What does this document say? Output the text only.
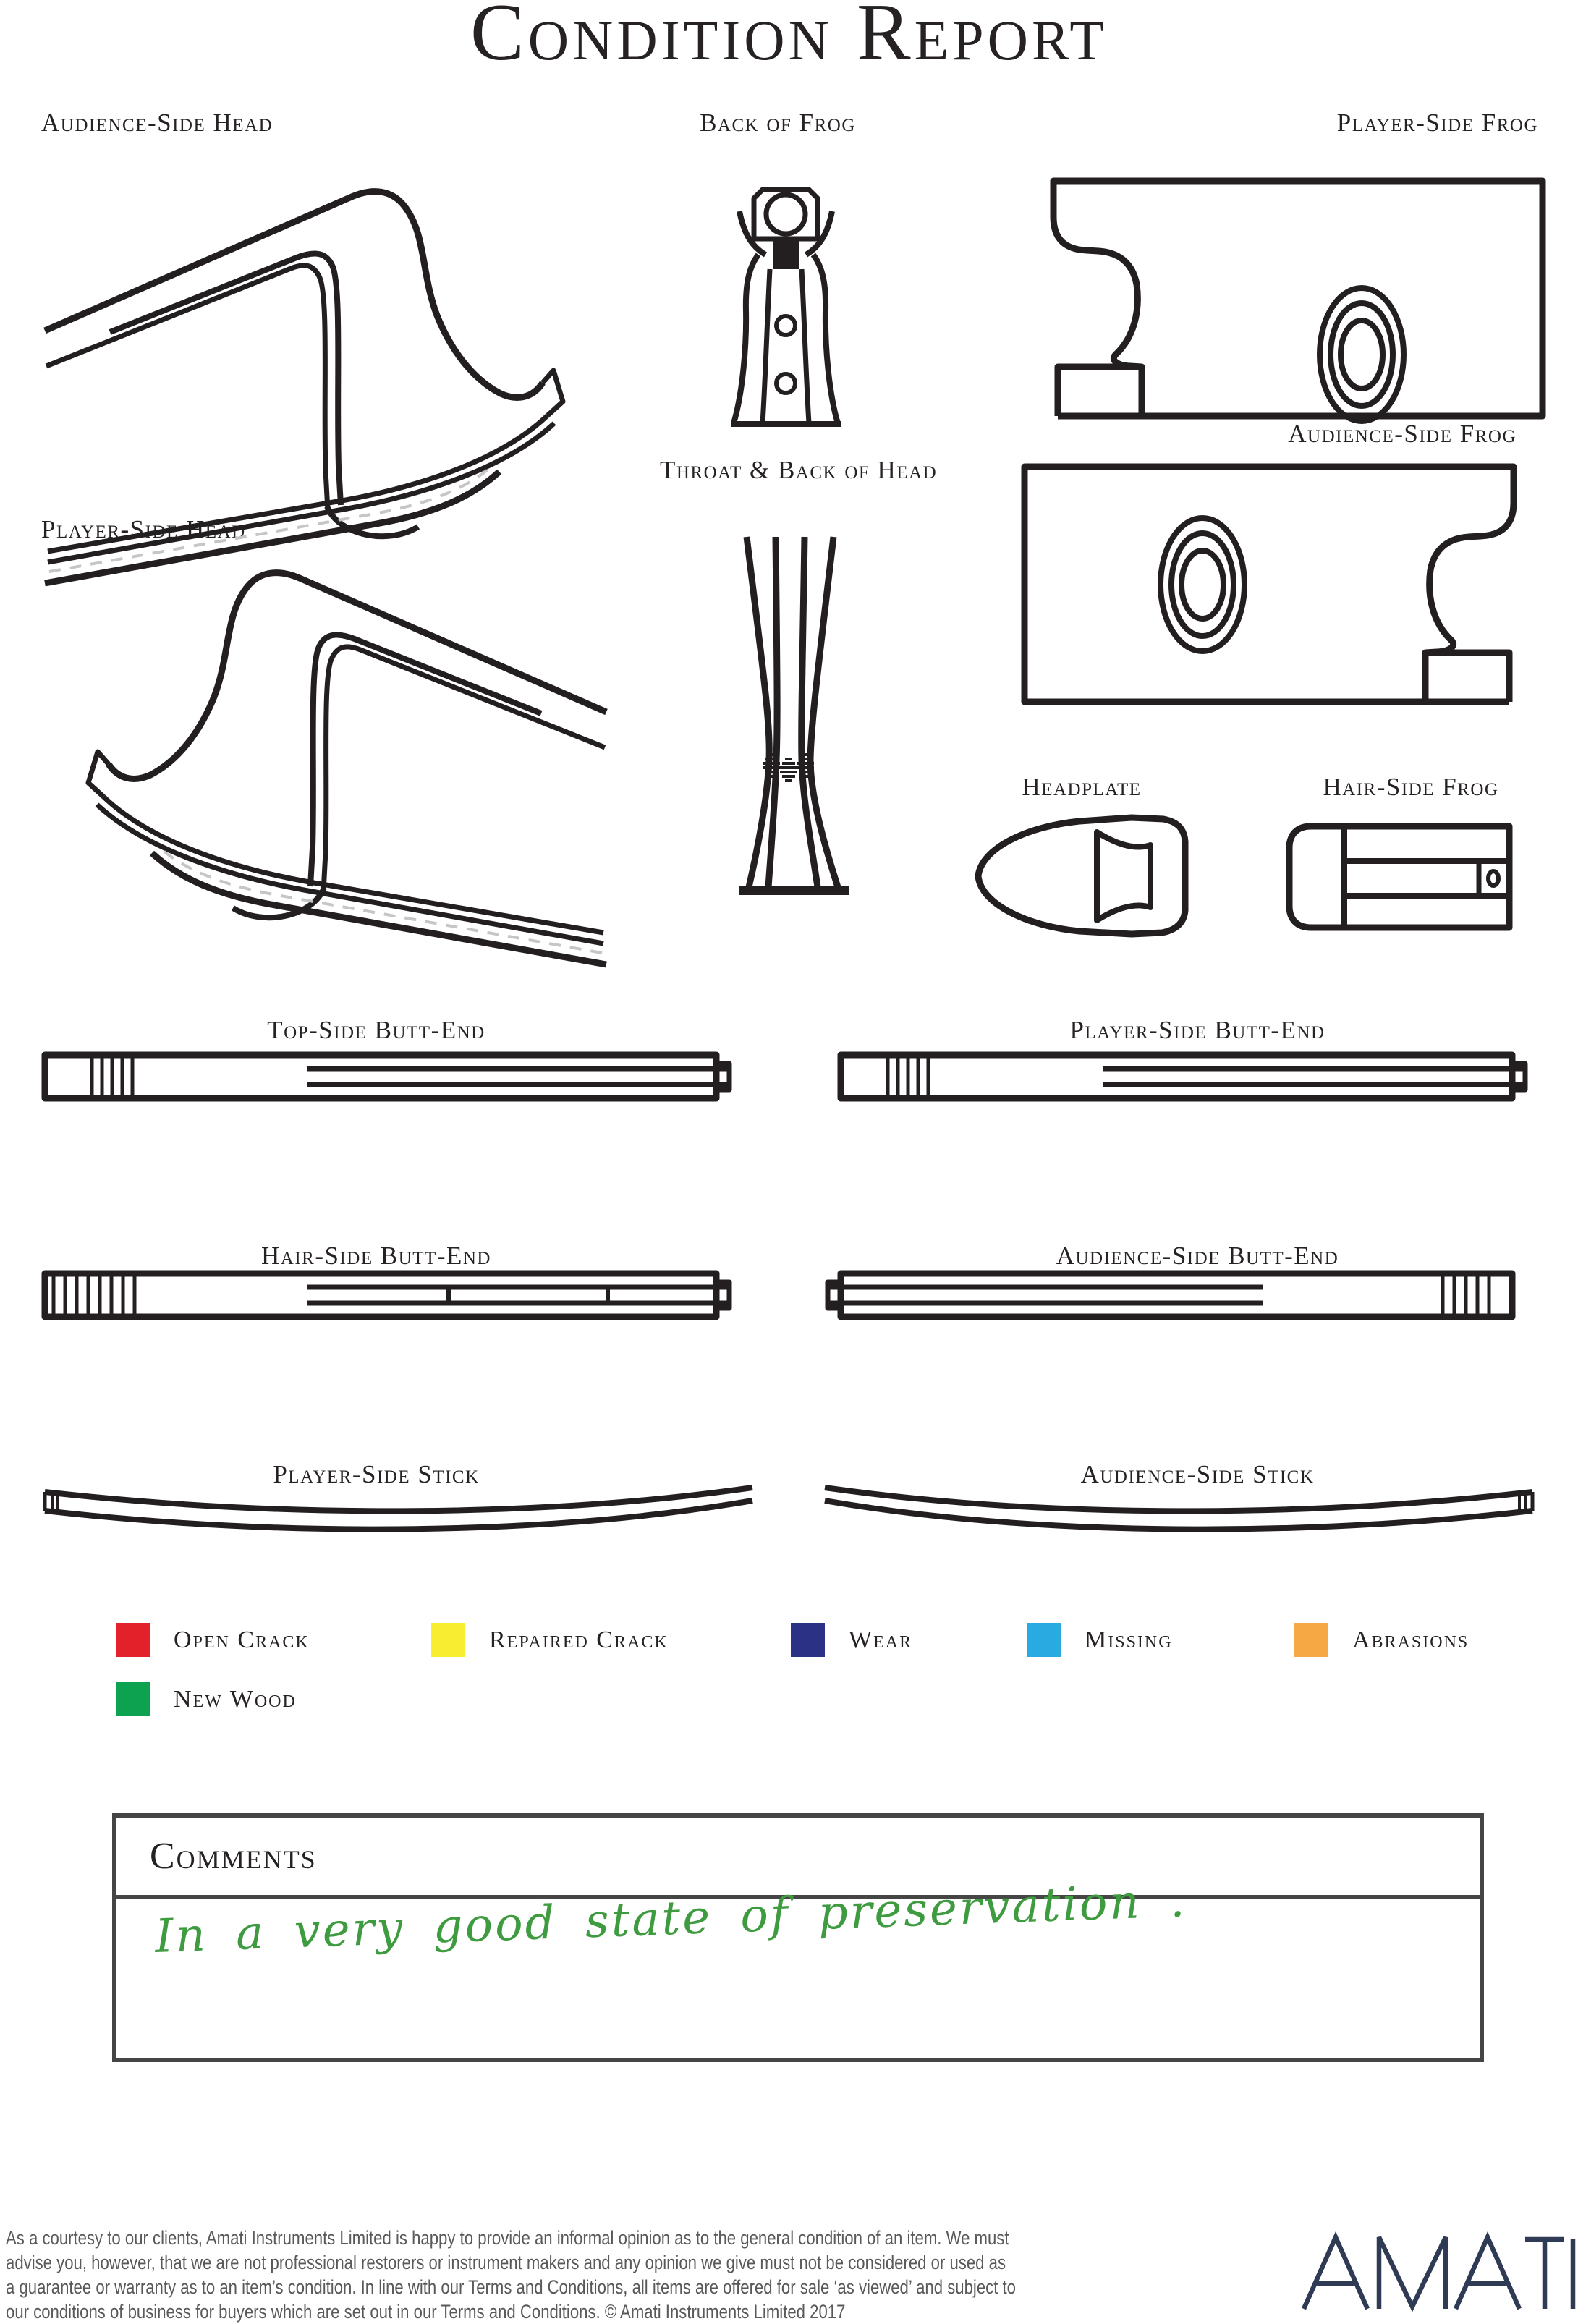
Condition Report
Audience-Side Head	Back of Frog	Player-Side Frog
Audience-Side Frog
Player-Side Head
Throat & Back of Head
Headplate	Hair-Side Frog
Top-Side Butt-End	Player-Side Butt-End
Hair-Side Butt-End	Audience-Side Butt-End
Player-Side Stick	Audience-Side Stick
Open Crack	Repaired Crack	Wear	Missing	Abrasions
New Wood
Comments
In a very good state of preservation .
As a courtesy to our clients, Amati Instruments Limited is happy to provide an informal opinion as to the general condition of an item. We must
advise you, however, that we are not professional restorers or instrument makers and any opinion we give must not be considered or used as
a guarantee or warranty as to an item’s condition. In line with our Terms and Conditions, all items are offered for sale ‘as viewed’ and subject to
our conditions of business for buyers which are set out in our Terms and Conditions. © Amati Instruments Limited 2017
